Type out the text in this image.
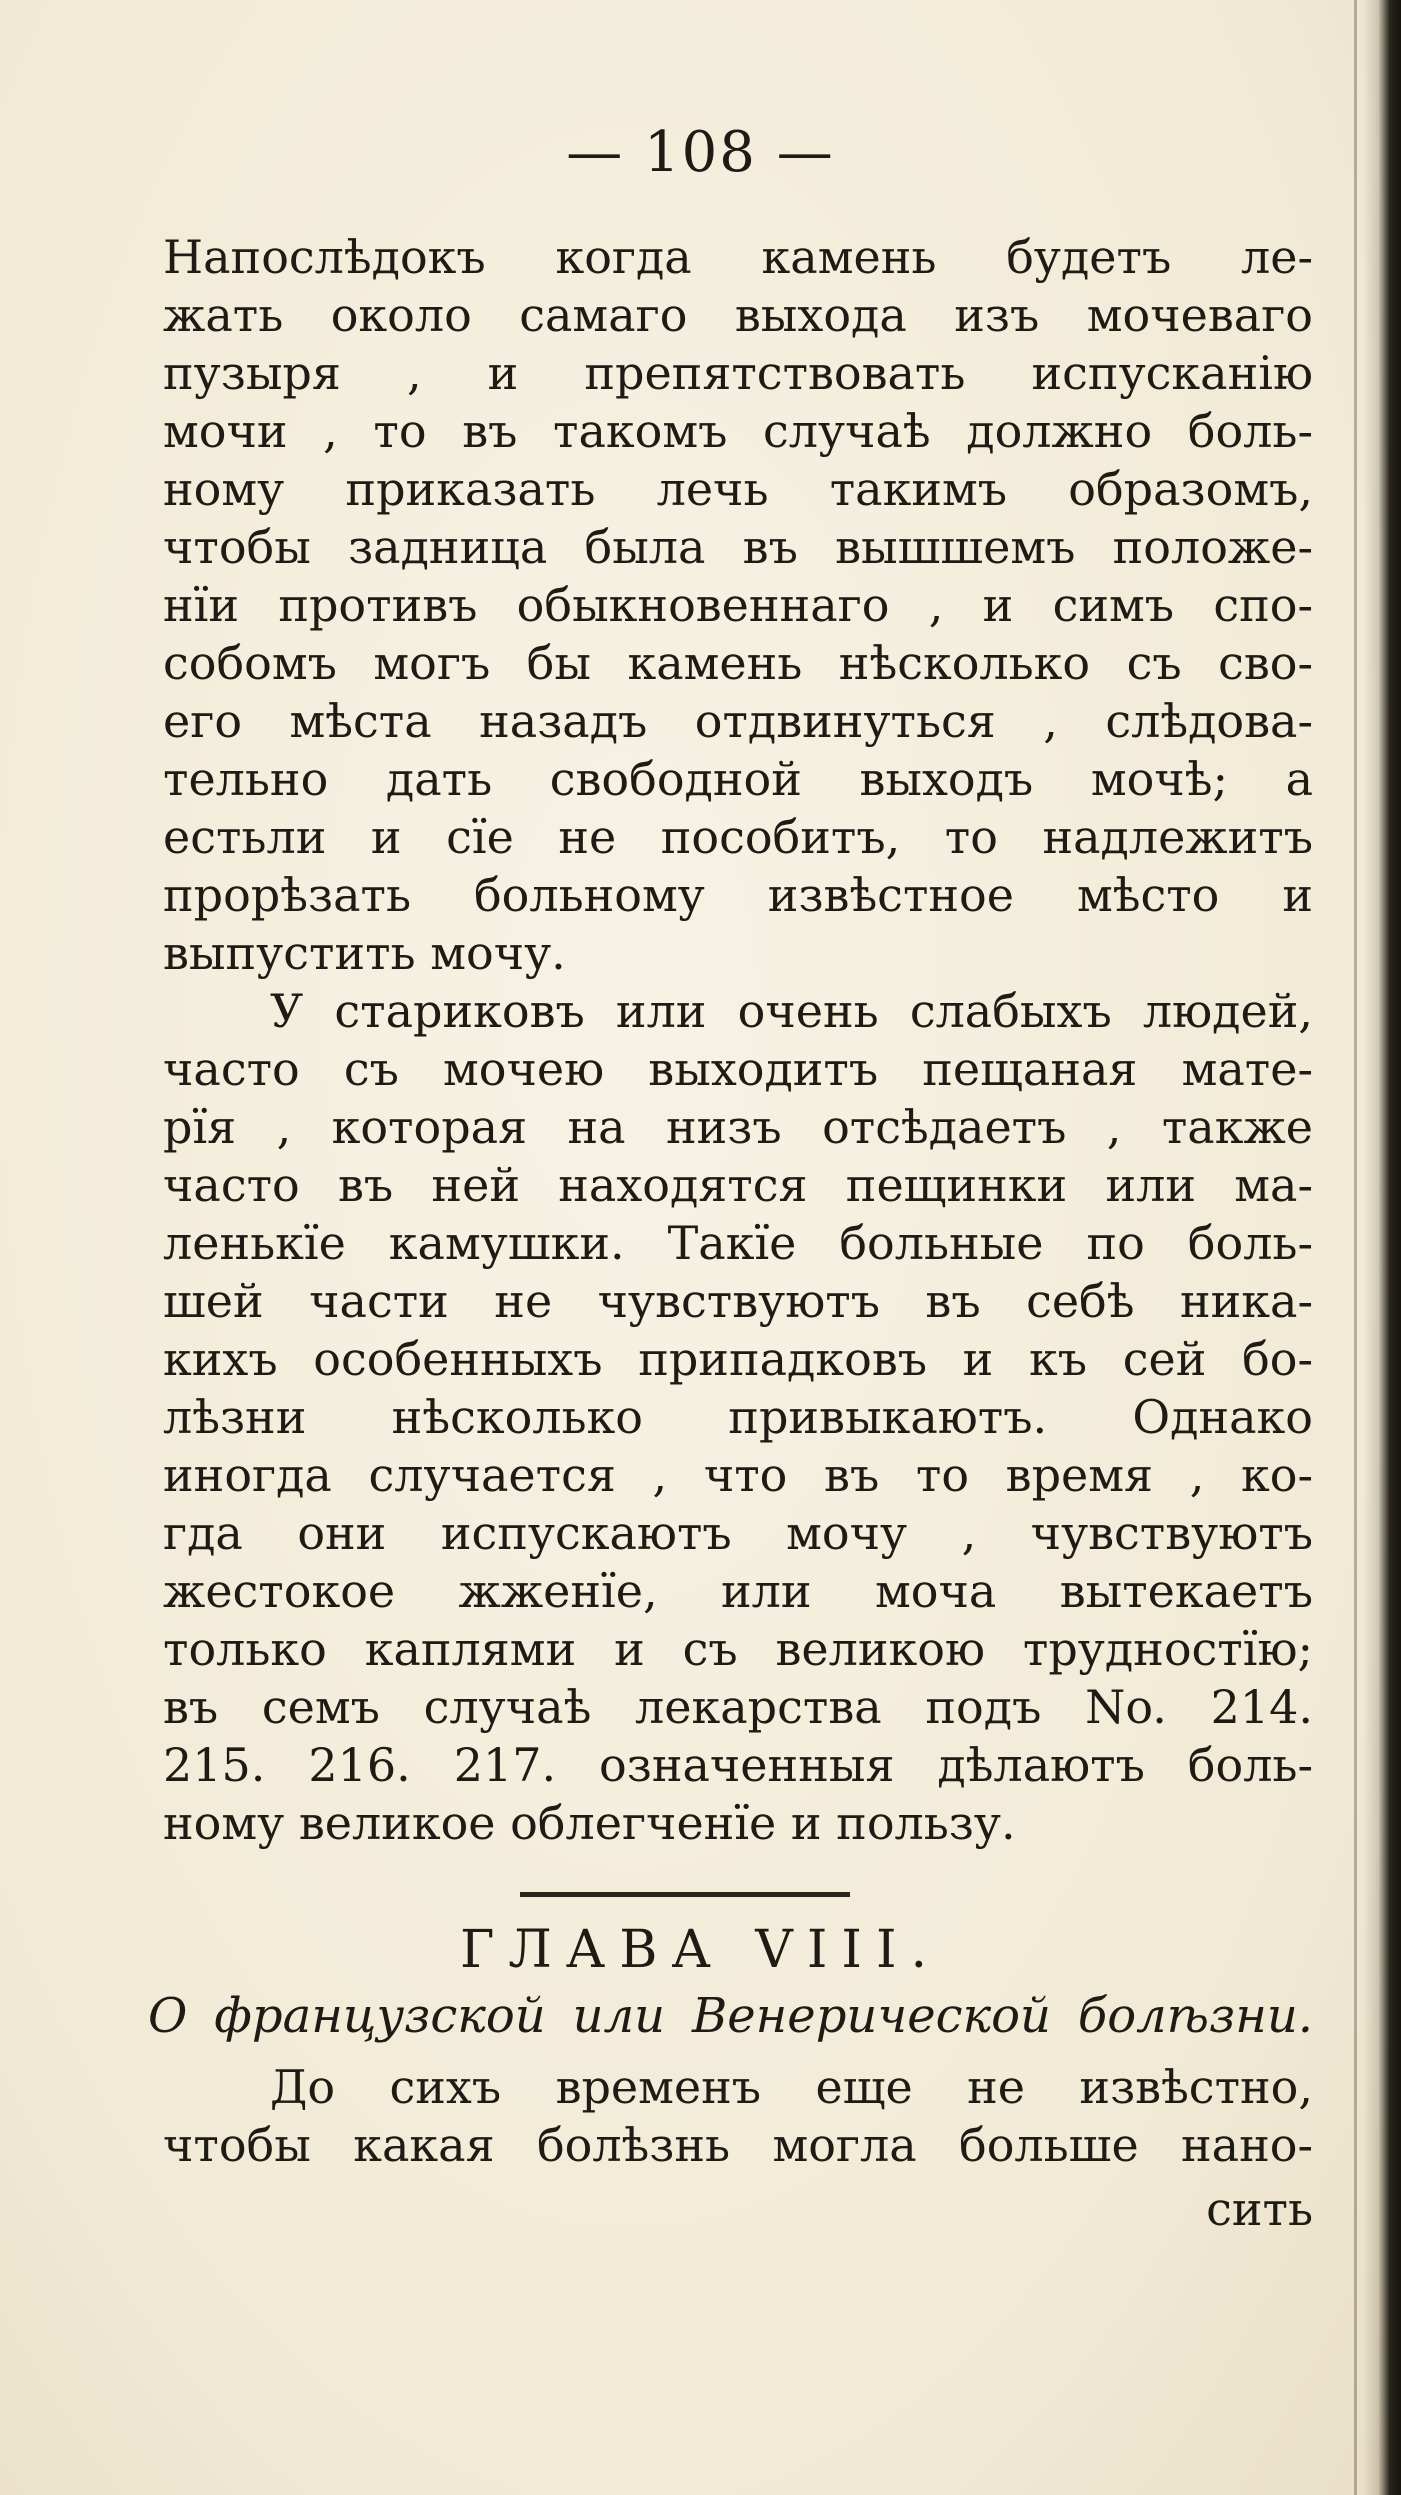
— 108 —
Напослѣдокъ когда камень будетъ ле-
жать около самаго выхода изъ мочеваго
пузыря , и препятствовать испусканію
мочи , то въ такомъ случаѣ должно боль-
ному приказать лечь такимъ образомъ,
чтобы задница была въ вышшемъ положе-
нїи противъ обыкновеннаго , и симъ спо-
собомъ могъ бы камень нѣсколько съ сво-
его мѣста назадъ отдвинуться , слѣдова-
тельно дать свободной выходъ мочѣ; а
естьли и сїе не пособитъ, то надлежитъ
прорѣзать больному извѣстное мѣсто и
выпустить мочу.
У стариковъ или очень слабыхъ людей,
часто съ мочею выходитъ пещаная мате-
рїя , которая на низъ отсѣдаетъ , также
часто въ ней находятся пещинки или ма-
ленькїе камушки. Такїе больные по боль-
шей части не чувствуютъ въ себѣ ника-
кихъ особенныхъ припадковъ и къ сей бо-
лѣзни нѣсколько привыкаютъ. Однако
иногда случается , что въ то время , ко-
гда они испускаютъ мочу , чувствуютъ
жестокое жженїе, или моча вытекаетъ
только каплями и съ великою трудностїю;
въ семъ случаѣ лекарства подъ No. 214.
215. 216. 217. означенныя дѣлаютъ боль-
ному великое облегченїе и пользу.
ГЛАВА VIII.
О французской или Венерической болѣзни.
До сихъ временъ еще не извѣстно,
чтобы какая болѣзнь могла больше нано-
сить
